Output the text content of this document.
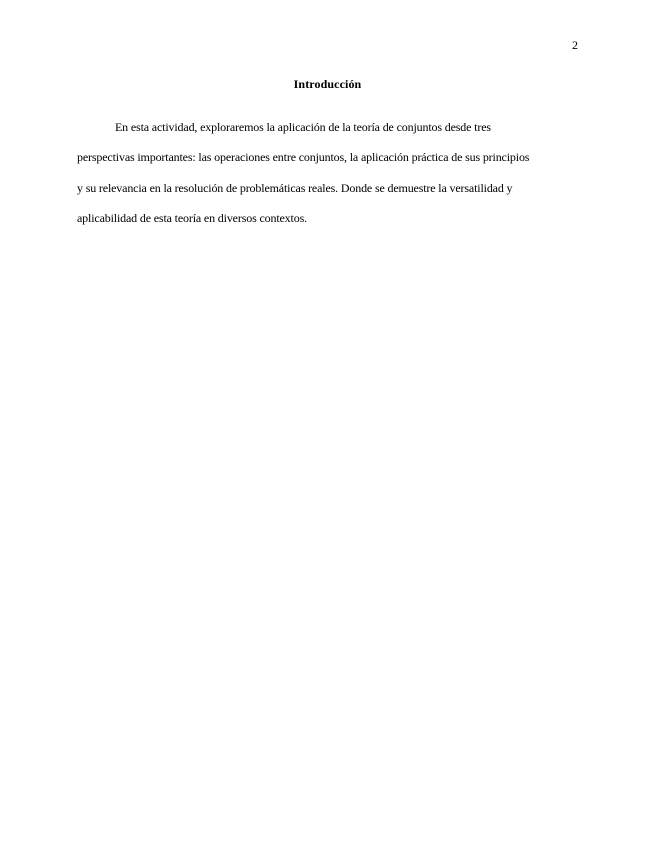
2
Introducción

En esta actividad, exploraremos la aplicación de la teoría de conjuntos desde tres
perspectivas importantes: las operaciones entre conjuntos, la aplicación práctica de sus principios
y su relevancia en la resolución de problemáticas reales. Donde se demuestre la versatilidad y
aplicabilidad de esta teoría en diversos contextos.
